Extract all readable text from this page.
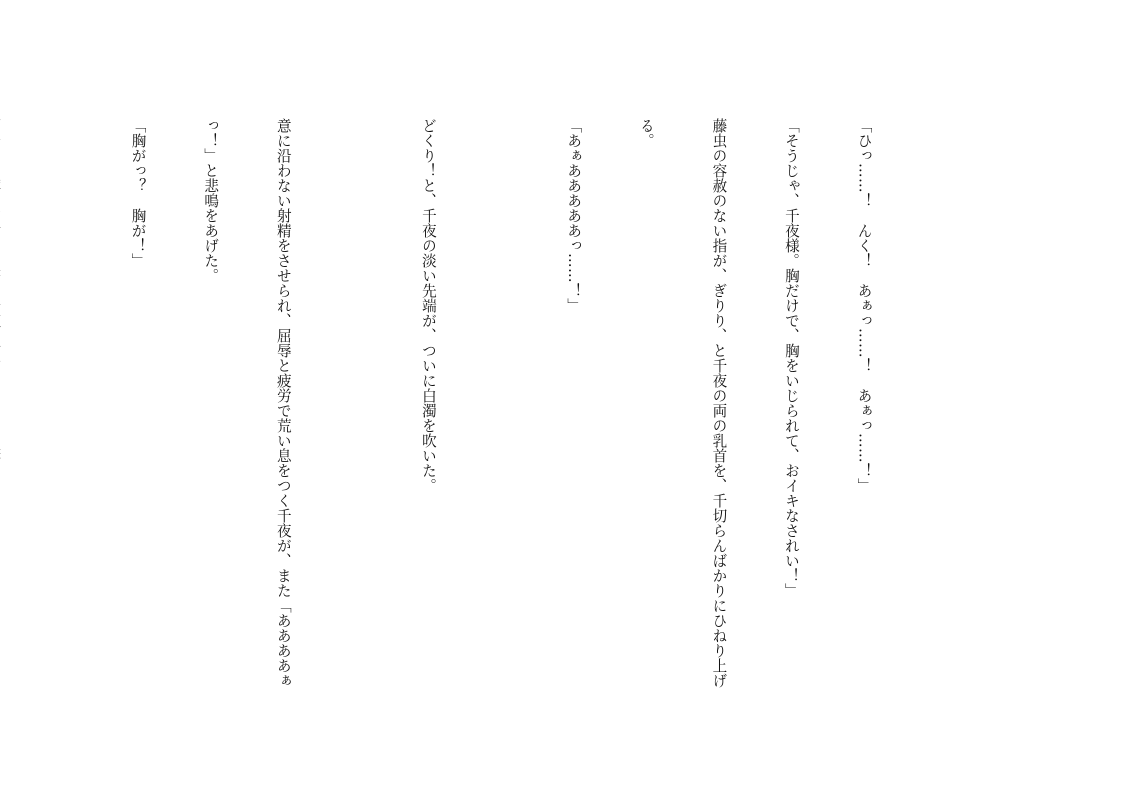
「ひっ……！　んく！　あぁっ……！　あぁっ……！」

「そうじゃ、千夜様。胸だけで、胸をいじられて、おイキなされい！」

藤虫の容赦のない指が、ぎりり、と千夜の両の乳首を、千切らんばかりにひねり上げ

る。

「あぁあああああっ……！」

どくり！と、千夜の淡い先端が、ついに白濁を吹いた。

意に沿わない射精をさせられ、屈辱と疲労で荒い息をつく千夜が、また「ああああぁ

っ！」と悲鳴をあげた。

「胸がっ？　胸が！」
